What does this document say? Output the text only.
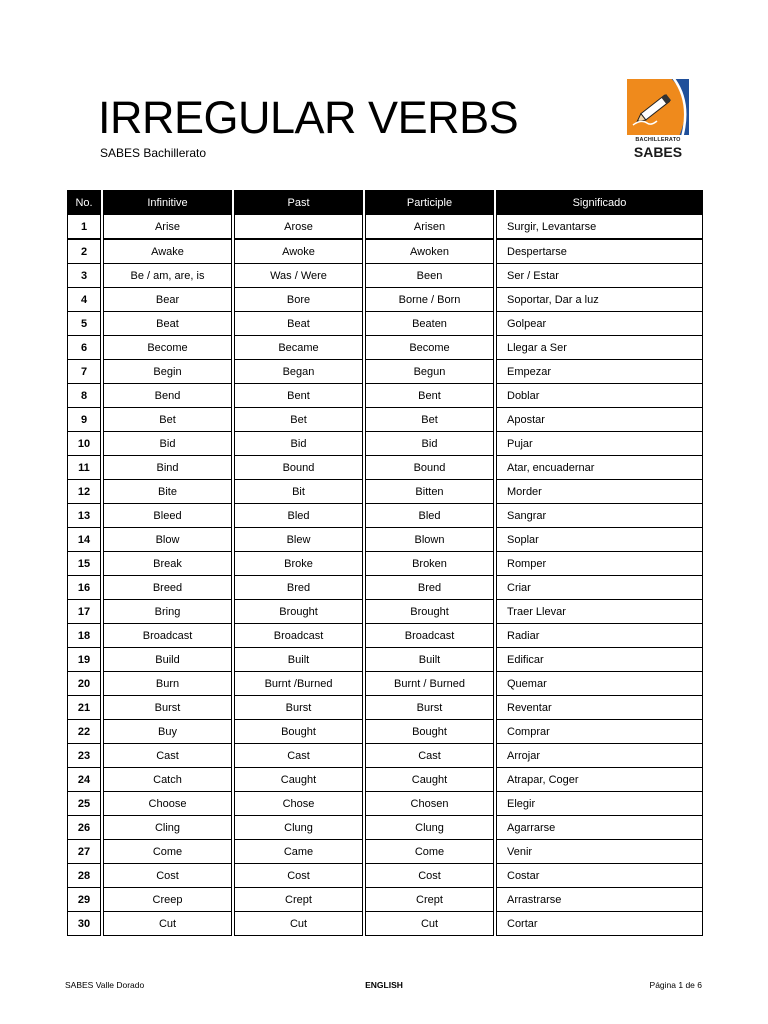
IRREGULAR VERBS
SABES Bachillerato
BACHILLERATO
SABES
No.	Infinitive	Past	Participle	Significado
1	Arise	Arose	Arisen	Surgir, Levantarse
2	Awake	Awoke	Awoken	Despertarse
3	Be / am, are, is	Was / Were	Been	Ser / Estar
4	Bear	Bore	Borne / Born	Soportar, Dar a luz
5	Beat	Beat	Beaten	Golpear
6	Become	Became	Become	Llegar a Ser
7	Begin	Began	Begun	Empezar
8	Bend	Bent	Bent	Doblar
9	Bet	Bet	Bet	Apostar
10	Bid	Bid	Bid	Pujar
11	Bind	Bound	Bound	Atar, encuadernar
12	Bite	Bit	Bitten	Morder
13	Bleed	Bled	Bled	Sangrar
14	Blow	Blew	Blown	Soplar
15	Break	Broke	Broken	Romper
16	Breed	Bred	Bred	Criar
17	Bring	Brought	Brought	Traer Llevar
18	Broadcast	Broadcast	Broadcast	Radiar
19	Build	Built	Built	Edificar
20	Burn	Burnt /Burned	Burnt / Burned	Quemar
21	Burst	Burst	Burst	Reventar
22	Buy	Bought	Bought	Comprar
23	Cast	Cast	Cast	Arrojar
24	Catch	Caught	Caught	Atrapar, Coger
25	Choose	Chose	Chosen	Elegir
26	Cling	Clung	Clung	Agarrarse
27	Come	Came	Come	Venir
28	Cost	Cost	Cost	Costar
29	Creep	Crept	Crept	Arrastrarse
30	Cut	Cut	Cut	Cortar
SABES Valle Dorado	ENGLISH	Página 1 de 6
